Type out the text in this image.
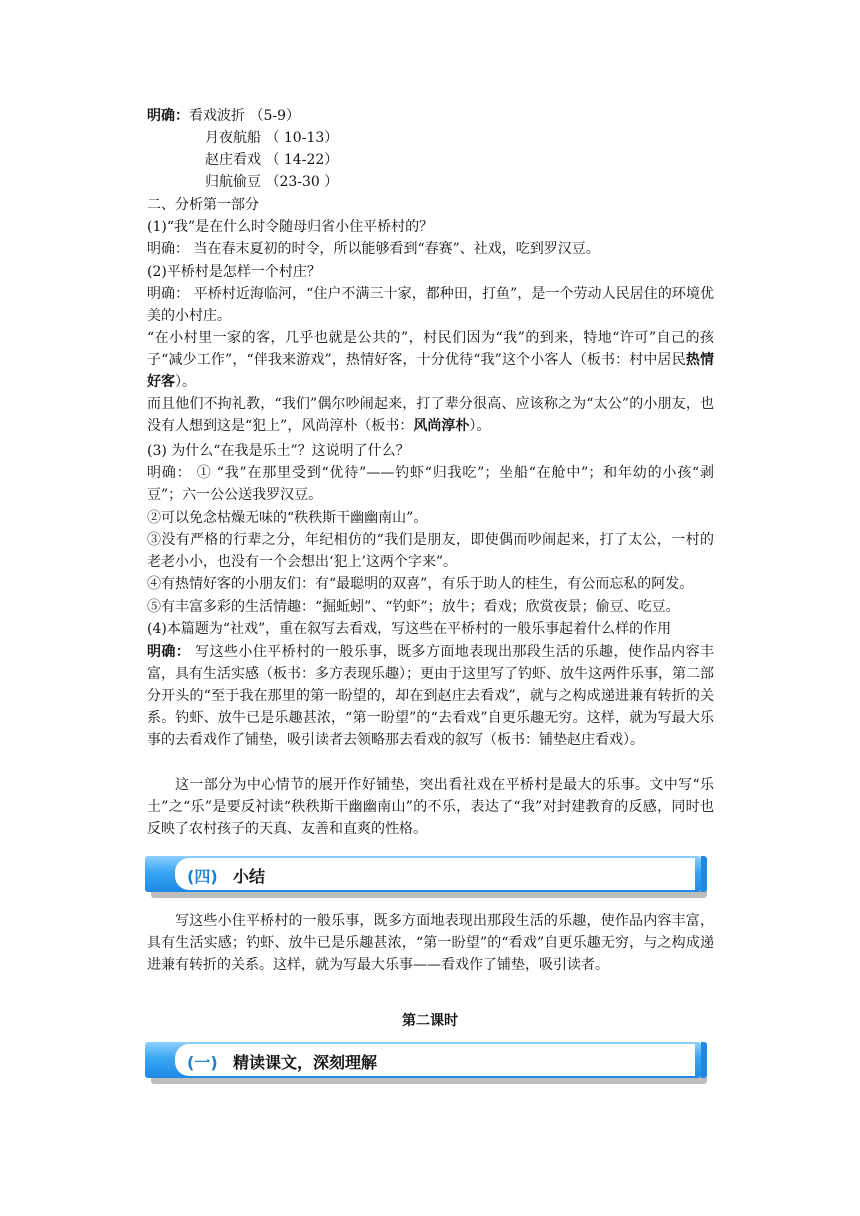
明确：看戏波折 （5-9）
月夜航船 （ 10-13）
赵庄看戏 （ 14-22）
归航偷豆 （23-30 ）
二、分析第一部分
(1)“我”是在什么时令随母归省小住平桥村的？
明确： 当在春末夏初的时令，所以能够看到“春赛”、社戏，吃到罗汉豆。
(2)平桥村是怎样一个村庄？
明确： 平桥村近海临河，“住户不满三十家，都种田，打鱼”，是一个劳动人民居住的环境优美的小村庄。
“在小村里一家的客，几乎也就是公共的”，村民们因为“我”的到来，特地“许可”自己的孩子“减少工作”，“伴我来游戏”，热情好客，十分优待“我”这个小客人（板书：村中居民热情好客）。
而且他们不拘礼教，“我们”偶尔吵闹起来，打了辈分很高、应该称之为“太公”的小朋友，也没有人想到这是“犯上”，风尚淳朴（板书：风尚淳朴）。
(3) 为什么“在我是乐土”？这说明了什么？
明确： ① “我”在那里受到“优待”——钓虾“归我吃”；坐船“在舱中”；和年幼的小孩“剥豆”；六一公公送我罗汉豆。
②可以免念枯燥无味的“秩秩斯干幽幽南山”。
③没有严格的行辈之分，年纪相仿的“我们是朋友，即使偶而吵闹起来，打了太公，一村的老老小小，也没有一个会想出‘犯上’这两个字来”。
④有热情好客的小朋友们：有“最聪明的双喜”，有乐于助人的桂生，有公而忘私的阿发。
⑤有丰富多彩的生活情趣：“掘蚯蚓”、“钓虾”；放牛；看戏；欣赏夜景；偷豆、吃豆。
(4)本篇题为“社戏”，重在叙写去看戏，写这些在平桥村的一般乐事起着什么样的作用
明确： 写这些小住平桥村的一般乐事，既多方面地表现出那段生活的乐趣，使作品内容丰富，具有生活实感（板书：多方表现乐趣）；更由于这里写了钓虾、放牛这两件乐事，第二部分开头的“至于我在那里的第一盼望的，却在到赵庄去看戏”，就与之构成递进兼有转折的关系。钓虾、放牛已是乐趣甚浓，“第一盼望”的“去看戏”自更乐趣无穷。这样，就为写最大乐事的去看戏作了铺垫，吸引读者去领略那去看戏的叙写（板书：铺垫赵庄看戏）。
这一部分为中心情节的展开作好铺垫，突出看社戏在平桥村是最大的乐事。文中写“乐土”之“乐”是要反衬读“秩秩斯干幽幽南山”的不乐，表达了“我”对封建教育的反感，同时也反映了农村孩子的天真、友善和直爽的性格。
(四) 小结
写这些小住平桥村的一般乐事，既多方面地表现出那段生活的乐趣，使作品内容丰富，具有生活实感；钓虾、放牛已是乐趣甚浓，“第一盼望”的“看戏”自更乐趣无穷，与之构成递进兼有转折的关系。这样，就为写最大乐事——看戏作了铺垫，吸引读者。
第二课时
(一) 精读课文，深刻理解
